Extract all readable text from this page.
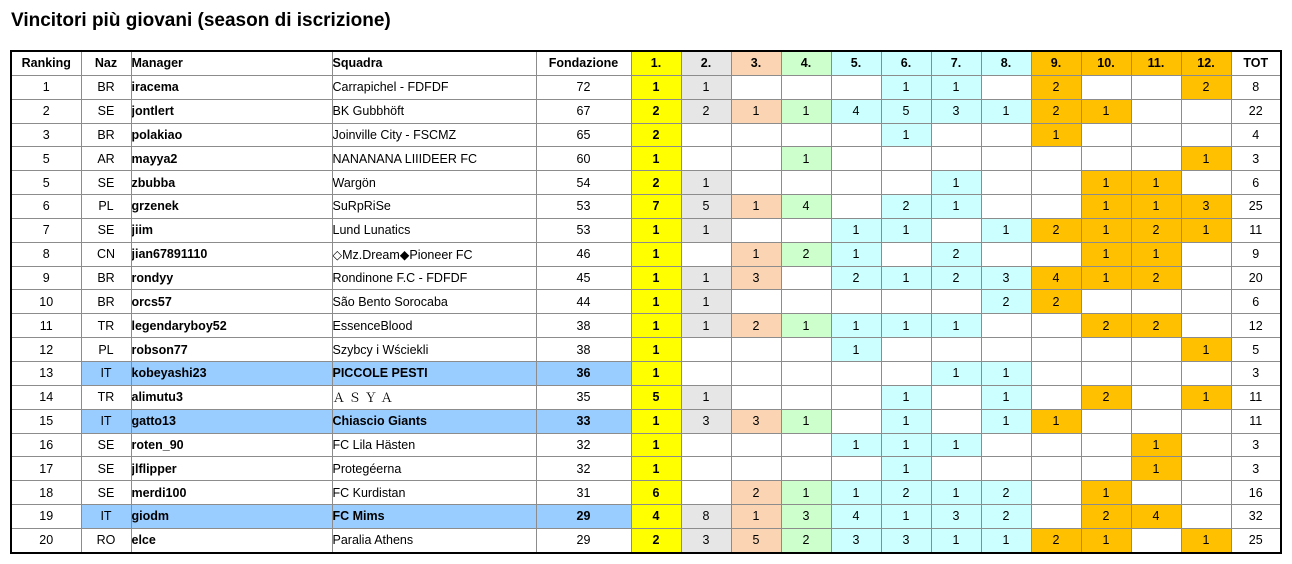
Vincitori più giovani (season di iscrizione)
Ranking	Naz	Manager	Squadra	Fondazione	1.	2.	3.	4.	5.	6.	7.	8.	9.	10.	11.	12.	TOT
1	BR	iracema	Carrapichel - FDFDF	72	1	1				1	1		2			2	8
2	SE	jontlert	BK Gubbhöft	67	2	2	1	1	4	5	3	1	2	1			22
3	BR	polakiao	Joinville City - FSCMZ	65	2					1			1				4
5	AR	mayya2	NANANANA LIIIDEER FC	60	1			1								1	3
5	SE	zbubba	Wargön	54	2	1					1			1	1		6
6	PL	grzenek	SuRpRiSe	53	7	5	1	4		2	1			1	1	3	25
7	SE	jiim	Lund Lunatics	53	1	1			1	1		1	2	1	2	1	11
8	CN	jian67891110	◇Mz.Dream◆Pioneer FC	46	1		1	2	1		2			1	1		9
9	BR	rondyy	Rondinone F.C - FDFDF	45	1	1	3		2	1	2	3	4	1	2		20
10	BR	orcs57	São Bento Sorocaba	44	1	1						2	2				6
11	TR	legendaryboy52	EssenceBlood	38	1	1	2	1	1	1	1			2	2		12
12	PL	robson77	Szybcy i Wściekli	38	1				1							1	5
13	IT	kobeyashi23	PICCOLE PESTI	36	1						1	1					3
14	TR	alimutu3	Ａ Ｓ Ｙ Ａ	35	5	1				1		1		2		1	11
15	IT	gatto13	Chiascio Giants	33	1	3	3	1		1		1	1				11
16	SE	roten_90	FC Lila Hästen	32	1				1	1	1				1		3
17	SE	jlflipper	Protegéerna	32	1					1					1		3
18	SE	merdi100	FC Kurdistan	31	6		2	1	1	2	1	2		1			16
19	IT	giodm	FC Mims	29	4	8	1	3	4	1	3	2		2	4		32
20	RO	elce	Paralia Athens	29	2	3	5	2	3	3	1	1	2	1		1	25
